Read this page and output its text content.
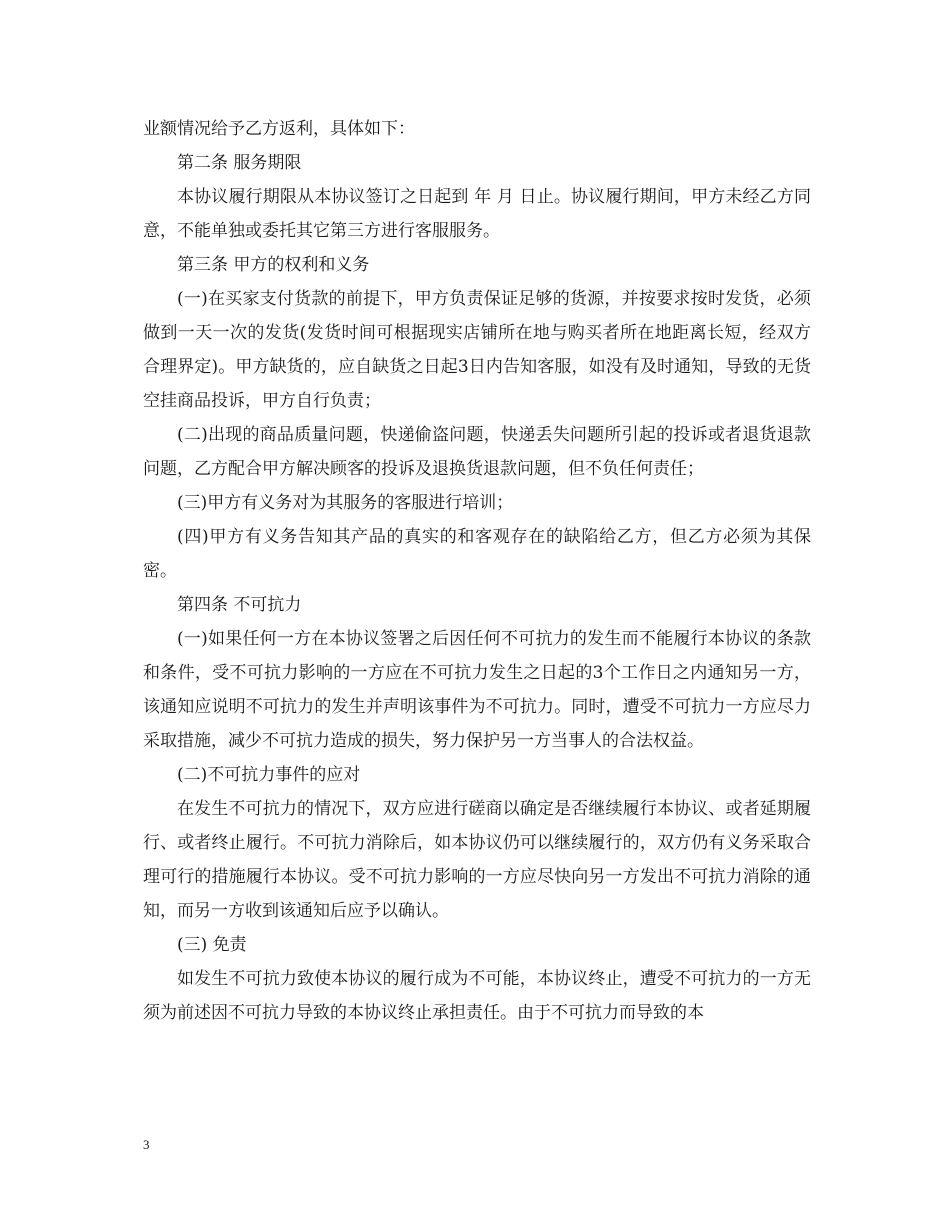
业额情况给予乙方返利，具体如下：

第二条 服务期限

本协议履行期限从本协议签订之日起到 年 月 日止。协议履行期间，甲方未经乙方同意，不能单独或委托其它第三方进行客服服务。

第三条 甲方的权利和义务

(一)在买家支付货款的前提下，甲方负责保证足够的货源，并按要求按时发货，必须做到一天一次的发货(发货时间可根据现实店铺所在地与购买者所在地距离长短，经双方合理界定)。甲方缺货的，应自缺货之日起3日内告知客服，如没有及时通知，导致的无货空挂商品投诉，甲方自行负责；

(二)出现的商品质量问题，快递偷盗问题，快递丢失问题所引起的投诉或者退货退款问题，乙方配合甲方解决顾客的投诉及退换货退款问题，但不负任何责任；

(三)甲方有义务对为其服务的客服进行培训；

(四)甲方有义务告知其产品的真实的和客观存在的缺陷给乙方，但乙方必须为其保密。

第四条 不可抗力

(一)如果任何一方在本协议签署之后因任何不可抗力的发生而不能履行本协议的条款和条件，受不可抗力影响的一方应在不可抗力发生之日起的3个工作日之内通知另一方，该通知应说明不可抗力的发生并声明该事件为不可抗力。同时，遭受不可抗力一方应尽力采取措施，减少不可抗力造成的损失，努力保护另一方当事人的合法权益。

(二)不可抗力事件的应对

在发生不可抗力的情况下，双方应进行磋商以确定是否继续履行本协议、或者延期履行、或者终止履行。不可抗力消除后，如本协议仍可以继续履行的，双方仍有义务采取合理可行的措施履行本协议。受不可抗力影响的一方应尽快向另一方发出不可抗力消除的通知，而另一方收到该通知后应予以确认。

(三) 免责

如发生不可抗力致使本协议的履行成为不可能，本协议终止，遭受不可抗力的一方无须为前述因不可抗力导致的本协议终止承担责任。由于不可抗力而导致的本

3
